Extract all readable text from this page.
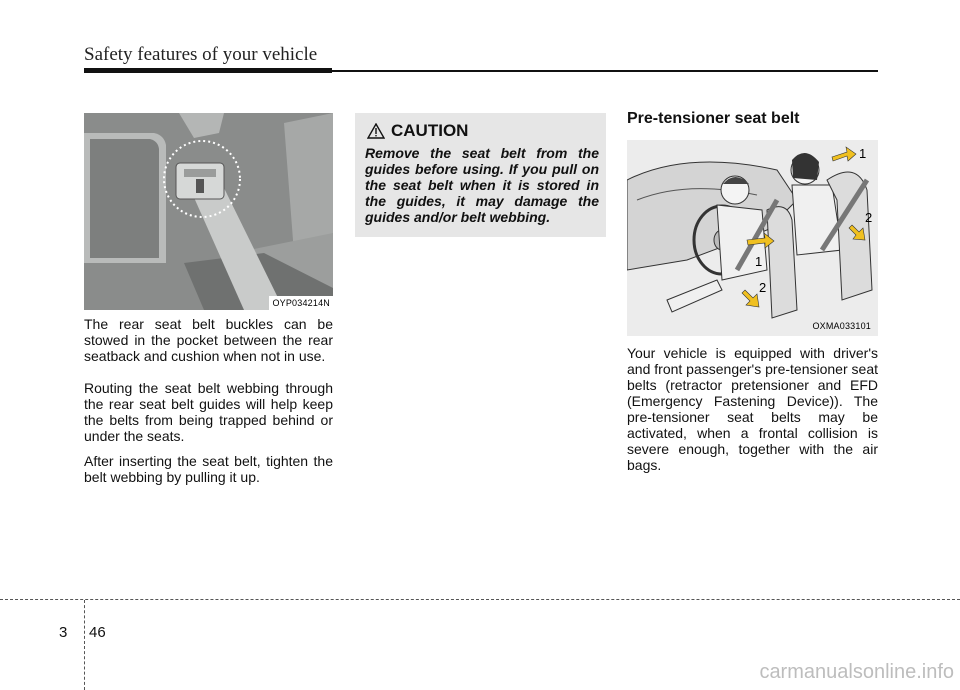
Safety features of your vehicle
OYP034214N

The rear seat belt buckles can be stowed in the pocket between the rear seatback and cushion when not in use.

Routing the seat belt webbing through the rear seat belt guides will help keep the belts from being trapped behind or under the seats.

After inserting the seat belt, tighten the belt webbing by pulling it up.

CAUTION

Remove the seat belt from the guides before using. If you pull on the seat belt when it is stored in the guides, it may damage the guides and/or belt webbing.

Pre-tensioner seat belt
1
2
1
2
OXMA033101

Your vehicle is equipped with driver's and front passenger's pre-tensioner seat belts (retractor pretensioner and EFD (Emergency Fastening Device)). The pre-tensioner seat belts may be activated, when a frontal collision is severe enough, together with the air bags.

3 46
carmanualsonline.info
